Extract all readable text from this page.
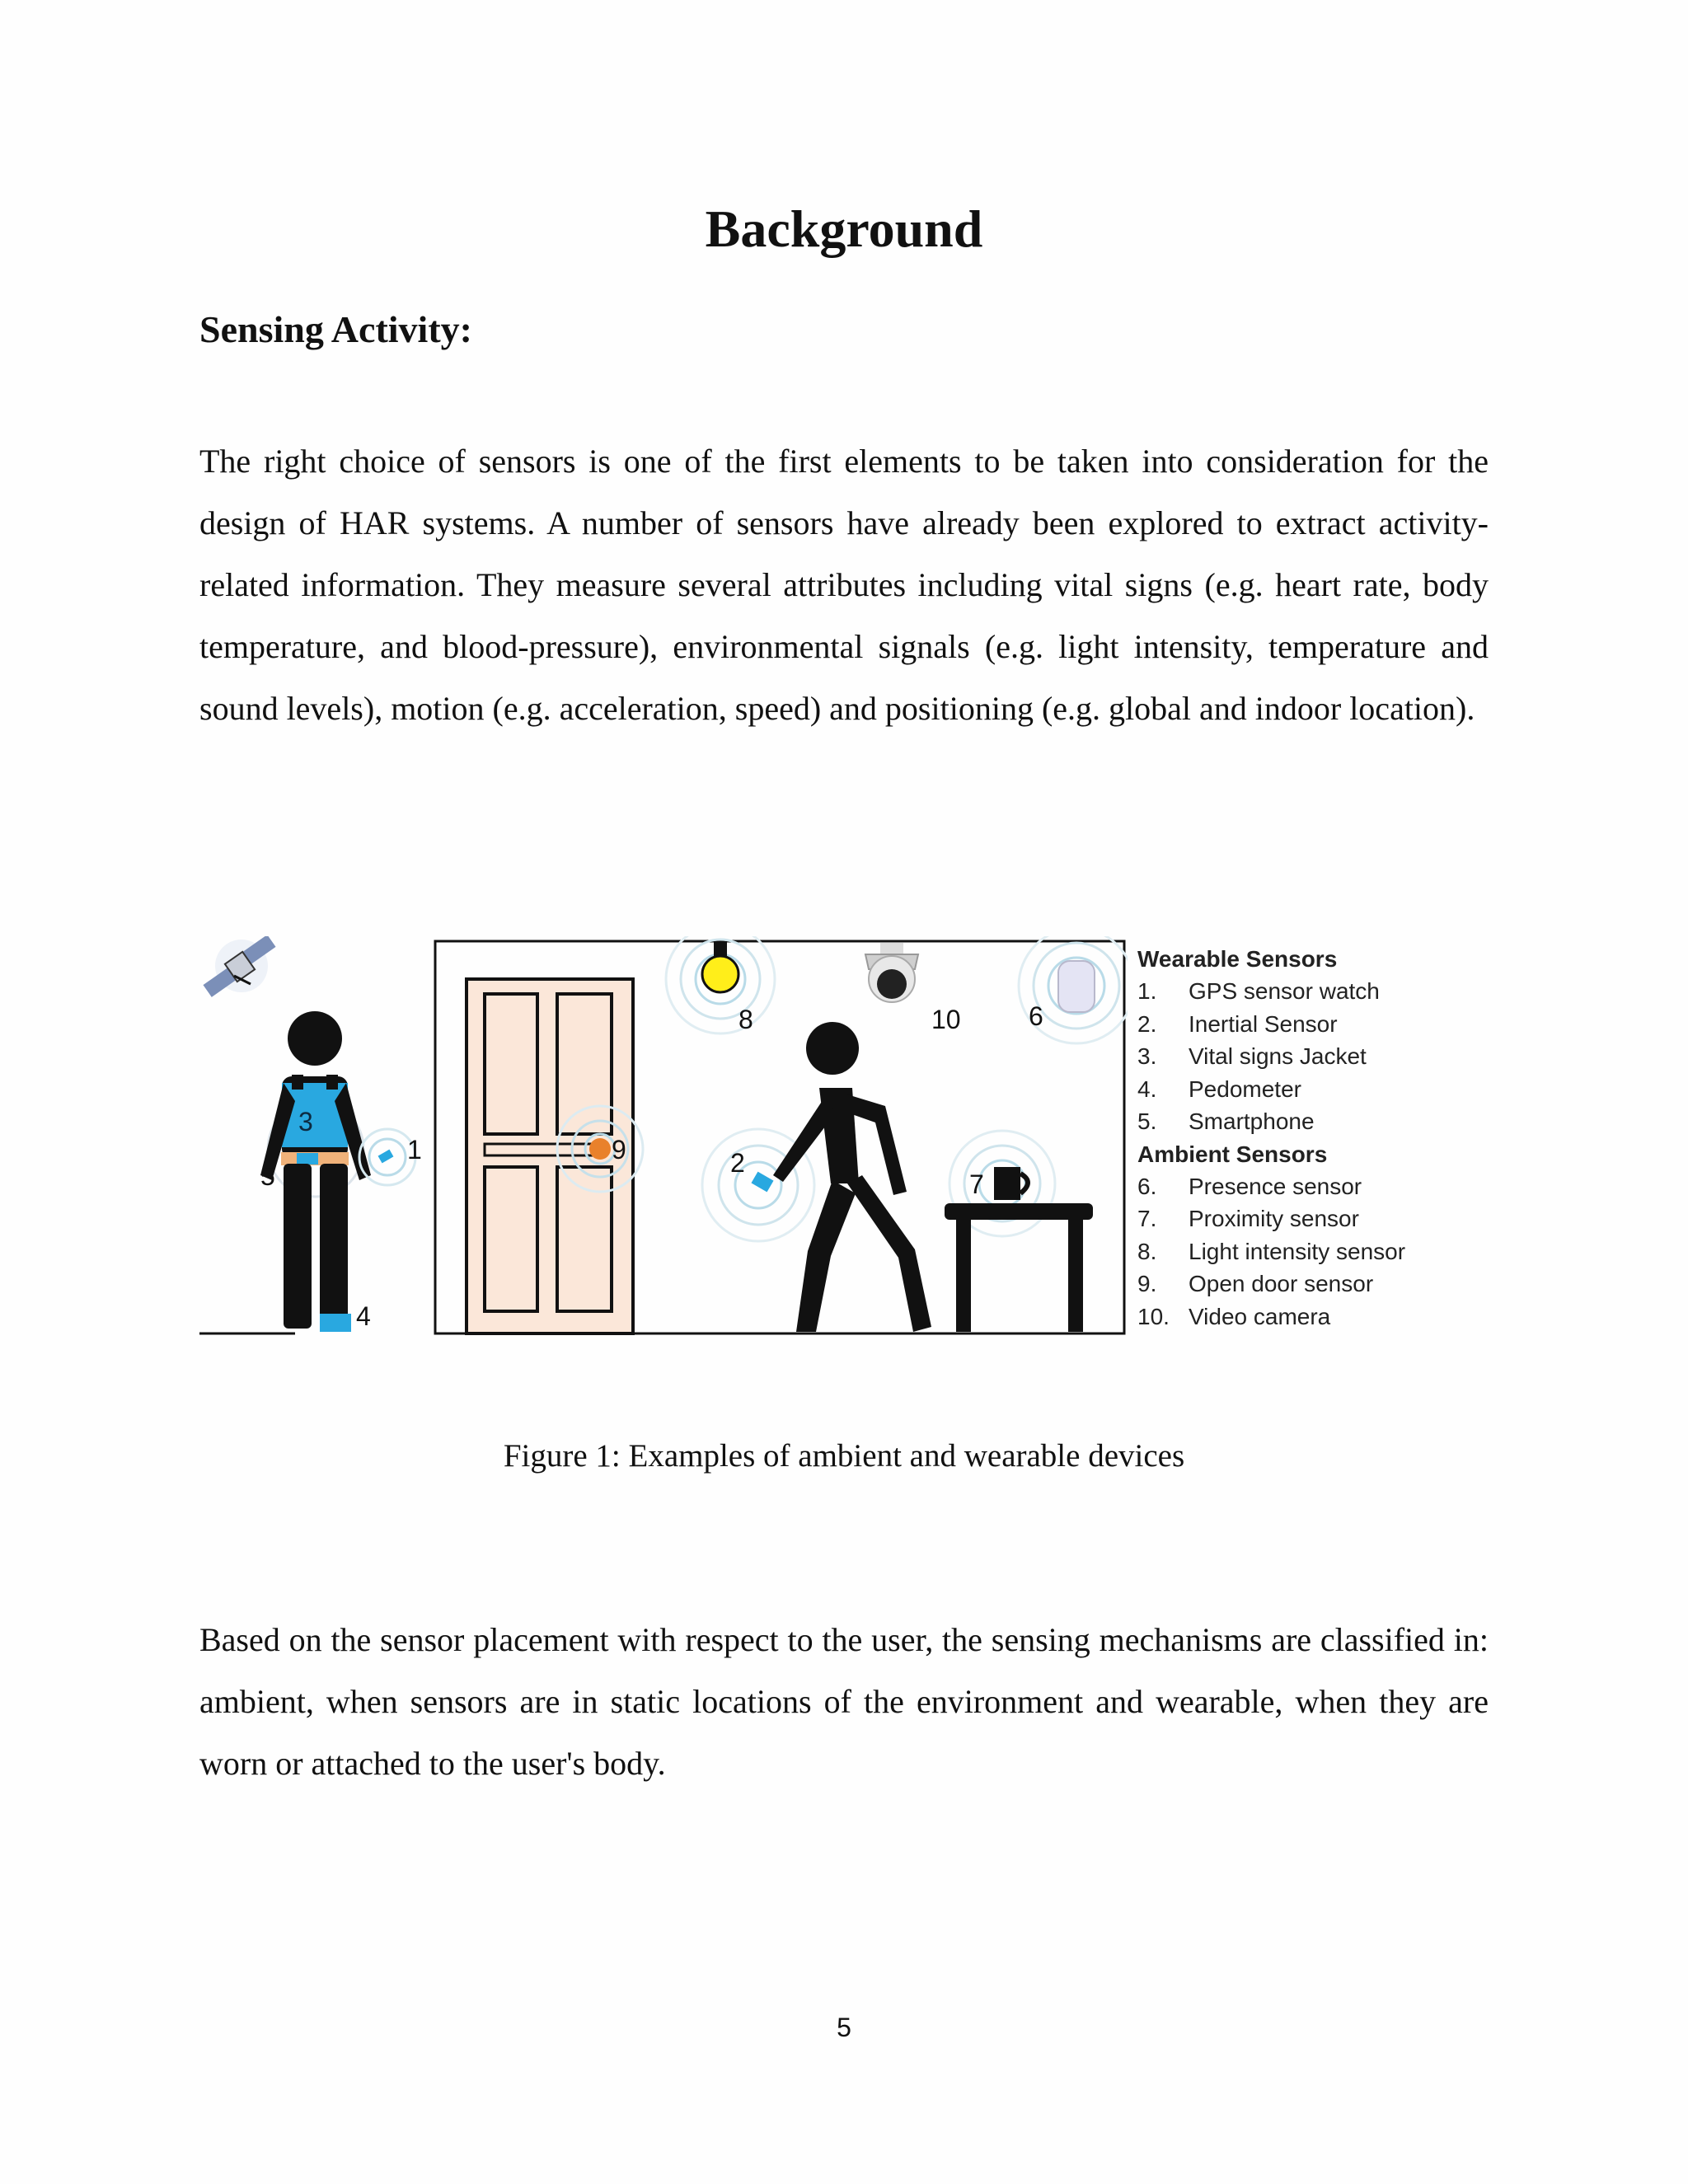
Background
Sensing Activity:

The right choice of sensors is one of the first elements to be taken into consideration for the design of HAR systems. A number of sensors have already been explored to extract activity-related information. They measure several attributes including vital signs (e.g. heart rate, body temperature, and blood-pressure), environmental signals (e.g. light intensity, temperature and sound levels), motion (e.g. acceleration, speed) and positioning (e.g. global and indoor location).

3
5
1
4
9
8	10	6
2
7
Wearable Sensors
1. GPS sensor watch
2. Inertial Sensor
3. Vital signs Jacket
4. Pedometer
5. Smartphone
Ambient Sensors
6. Presence sensor
7. Proximity sensor
8. Light intensity sensor
9. Open door sensor
10. Video camera
Figure 1: Examples of ambient and wearable devices

Based on the sensor placement with respect to the user, the sensing mechanisms are classified in: ambient, when sensors are in static locations of the environment and wearable, when they are worn or attached to the user's body.

5
